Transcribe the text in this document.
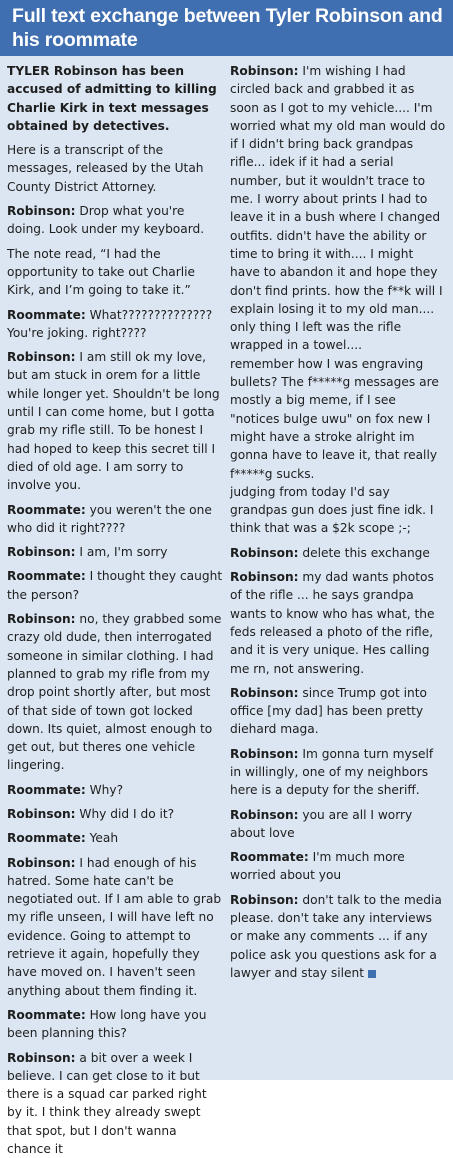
Full text exchange between Tyler Robinson and his roommate

TYLER Robinson has been accused of admitting to killing Charlie Kirk in text messages obtained by detectives.

Here is a transcript of the messages, released by the Utah County District Attorney.

Robinson: Drop what you're doing. Look under my keyboard.

The note read, “I had the opportunity to take out Charlie Kirk, and I’m going to take it.”

Roommate: What?????????????? You're joking. right????

Robinson: I am still ok my love, but am stuck in orem for a little while longer yet. Shouldn't be long until I can come home, but I gotta grab my rifle still. To be honest I had hoped to keep this secret till I died of old age. I am sorry to involve you.

Roommate: you weren't the one who did it right????

Robinson: I am, I'm sorry

Roommate: I thought they caught the person?

Robinson: no, they grabbed some crazy old dude, then interrogated someone in similar clothing. I had planned to grab my rifle from my drop point shortly after, but most of that side of town got locked down. Its quiet, almost enough to get out, but theres one vehicle lingering.

Roommate: Why?

Robinson: Why did I do it?

Roommate: Yeah

Robinson: I had enough of his hatred. Some hate can't be negotiated out. If I am able to grab my rifle unseen, I will have left no evidence. Going to attempt to retrieve it again, hopefully they have moved on. I haven't seen anything about them finding it.

Roommate: How long have you been planning this?

Robinson: a bit over a week I believe. I can get close to it but there is a squad car parked right by it. I think they already swept that spot, but I don't wanna chance it

Robinson: I'm wishing I had circled back and grabbed it as soon as I got to my vehicle.... I'm worried what my old man would do if I didn't bring back grandpas rifle... idek if it had a serial number, but it wouldn't trace to me. I worry about prints I had to leave it in a bush where I changed outfits. didn't have the ability or time to bring it with.... I might have to abandon it and hope they don't find prints. how the f**k will I explain losing it to my old man....

only thing I left was the rifle wrapped in a towel....

remember how I was engraving bullets? The f*****g messages are mostly a big meme, if I see "notices bulge uwu" on fox new I might have a stroke alright im gonna have to leave it, that really f*****g sucks.

judging from today I'd say grandpas gun does just fine idk. I think that was a $2k scope ;-;

Robinson: delete this exchange

Robinson: my dad wants photos of the rifle ... he says grandpa wants to know who has what, the feds released a photo of the rifle, and it is very unique. Hes calling me rn, not answering.

Robinson: since Trump got into office [my dad] has been pretty diehard maga.

Robinson: Im gonna turn myself in willingly, one of my neighbors here is a deputy for the sheriff.

Robinson: you are all I worry about love

Roommate: I'm much more worried about you

Robinson: don't talk to the media please. don't take any interviews or make any comments ... if any police ask you questions ask for a lawyer and stay silent
